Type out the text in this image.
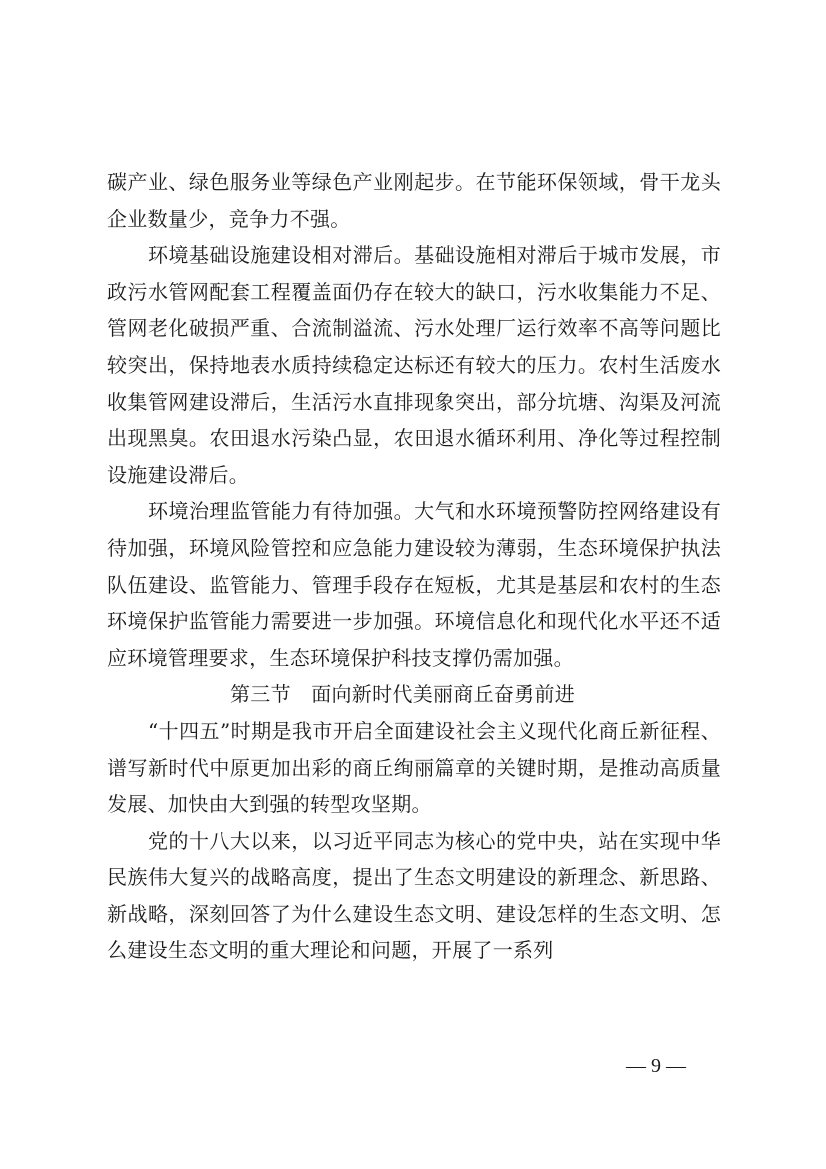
碳产业、绿色服务业等绿色产业刚起步。在节能环保领域，骨干龙头企业数量少，竞争力不强。

环境基础设施建设相对滞后。基础设施相对滞后于城市发展，市政污水管网配套工程覆盖面仍存在较大的缺口，污水收集能力不足、管网老化破损严重、合流制溢流、污水处理厂运行效率不高等问题比较突出，保持地表水质持续稳定达标还有较大的压力。农村生活废水收集管网建设滞后，生活污水直排现象突出，部分坑塘、沟渠及河流出现黑臭。农田退水污染凸显，农田退水循环利用、净化等过程控制设施建设滞后。

环境治理监管能力有待加强。大气和水环境预警防控网络建设有待加强，环境风险管控和应急能力建设较为薄弱，生态环境保护执法队伍建设、监管能力、管理手段存在短板，尤其是基层和农村的生态环境保护监管能力需要进一步加强。环境信息化和现代化水平还不适应环境管理要求，生态环境保护科技支撑仍需加强。

第三节　面向新时代美丽商丘奋勇前进

“十四五”时期是我市开启全面建设社会主义现代化商丘新征程、谱写新时代中原更加出彩的商丘绚丽篇章的关键时期，是推动高质量发展、加快由大到强的转型攻坚期。

党的十八大以来，以习近平同志为核心的党中央，站在实现中华民族伟大复兴的战略高度，提出了生态文明建设的新理念、新思路、新战略，深刻回答了为什么建设生态文明、建设怎样的生态文明、怎么建设生态文明的重大理论和问题，开展了一系列

— 9 —
